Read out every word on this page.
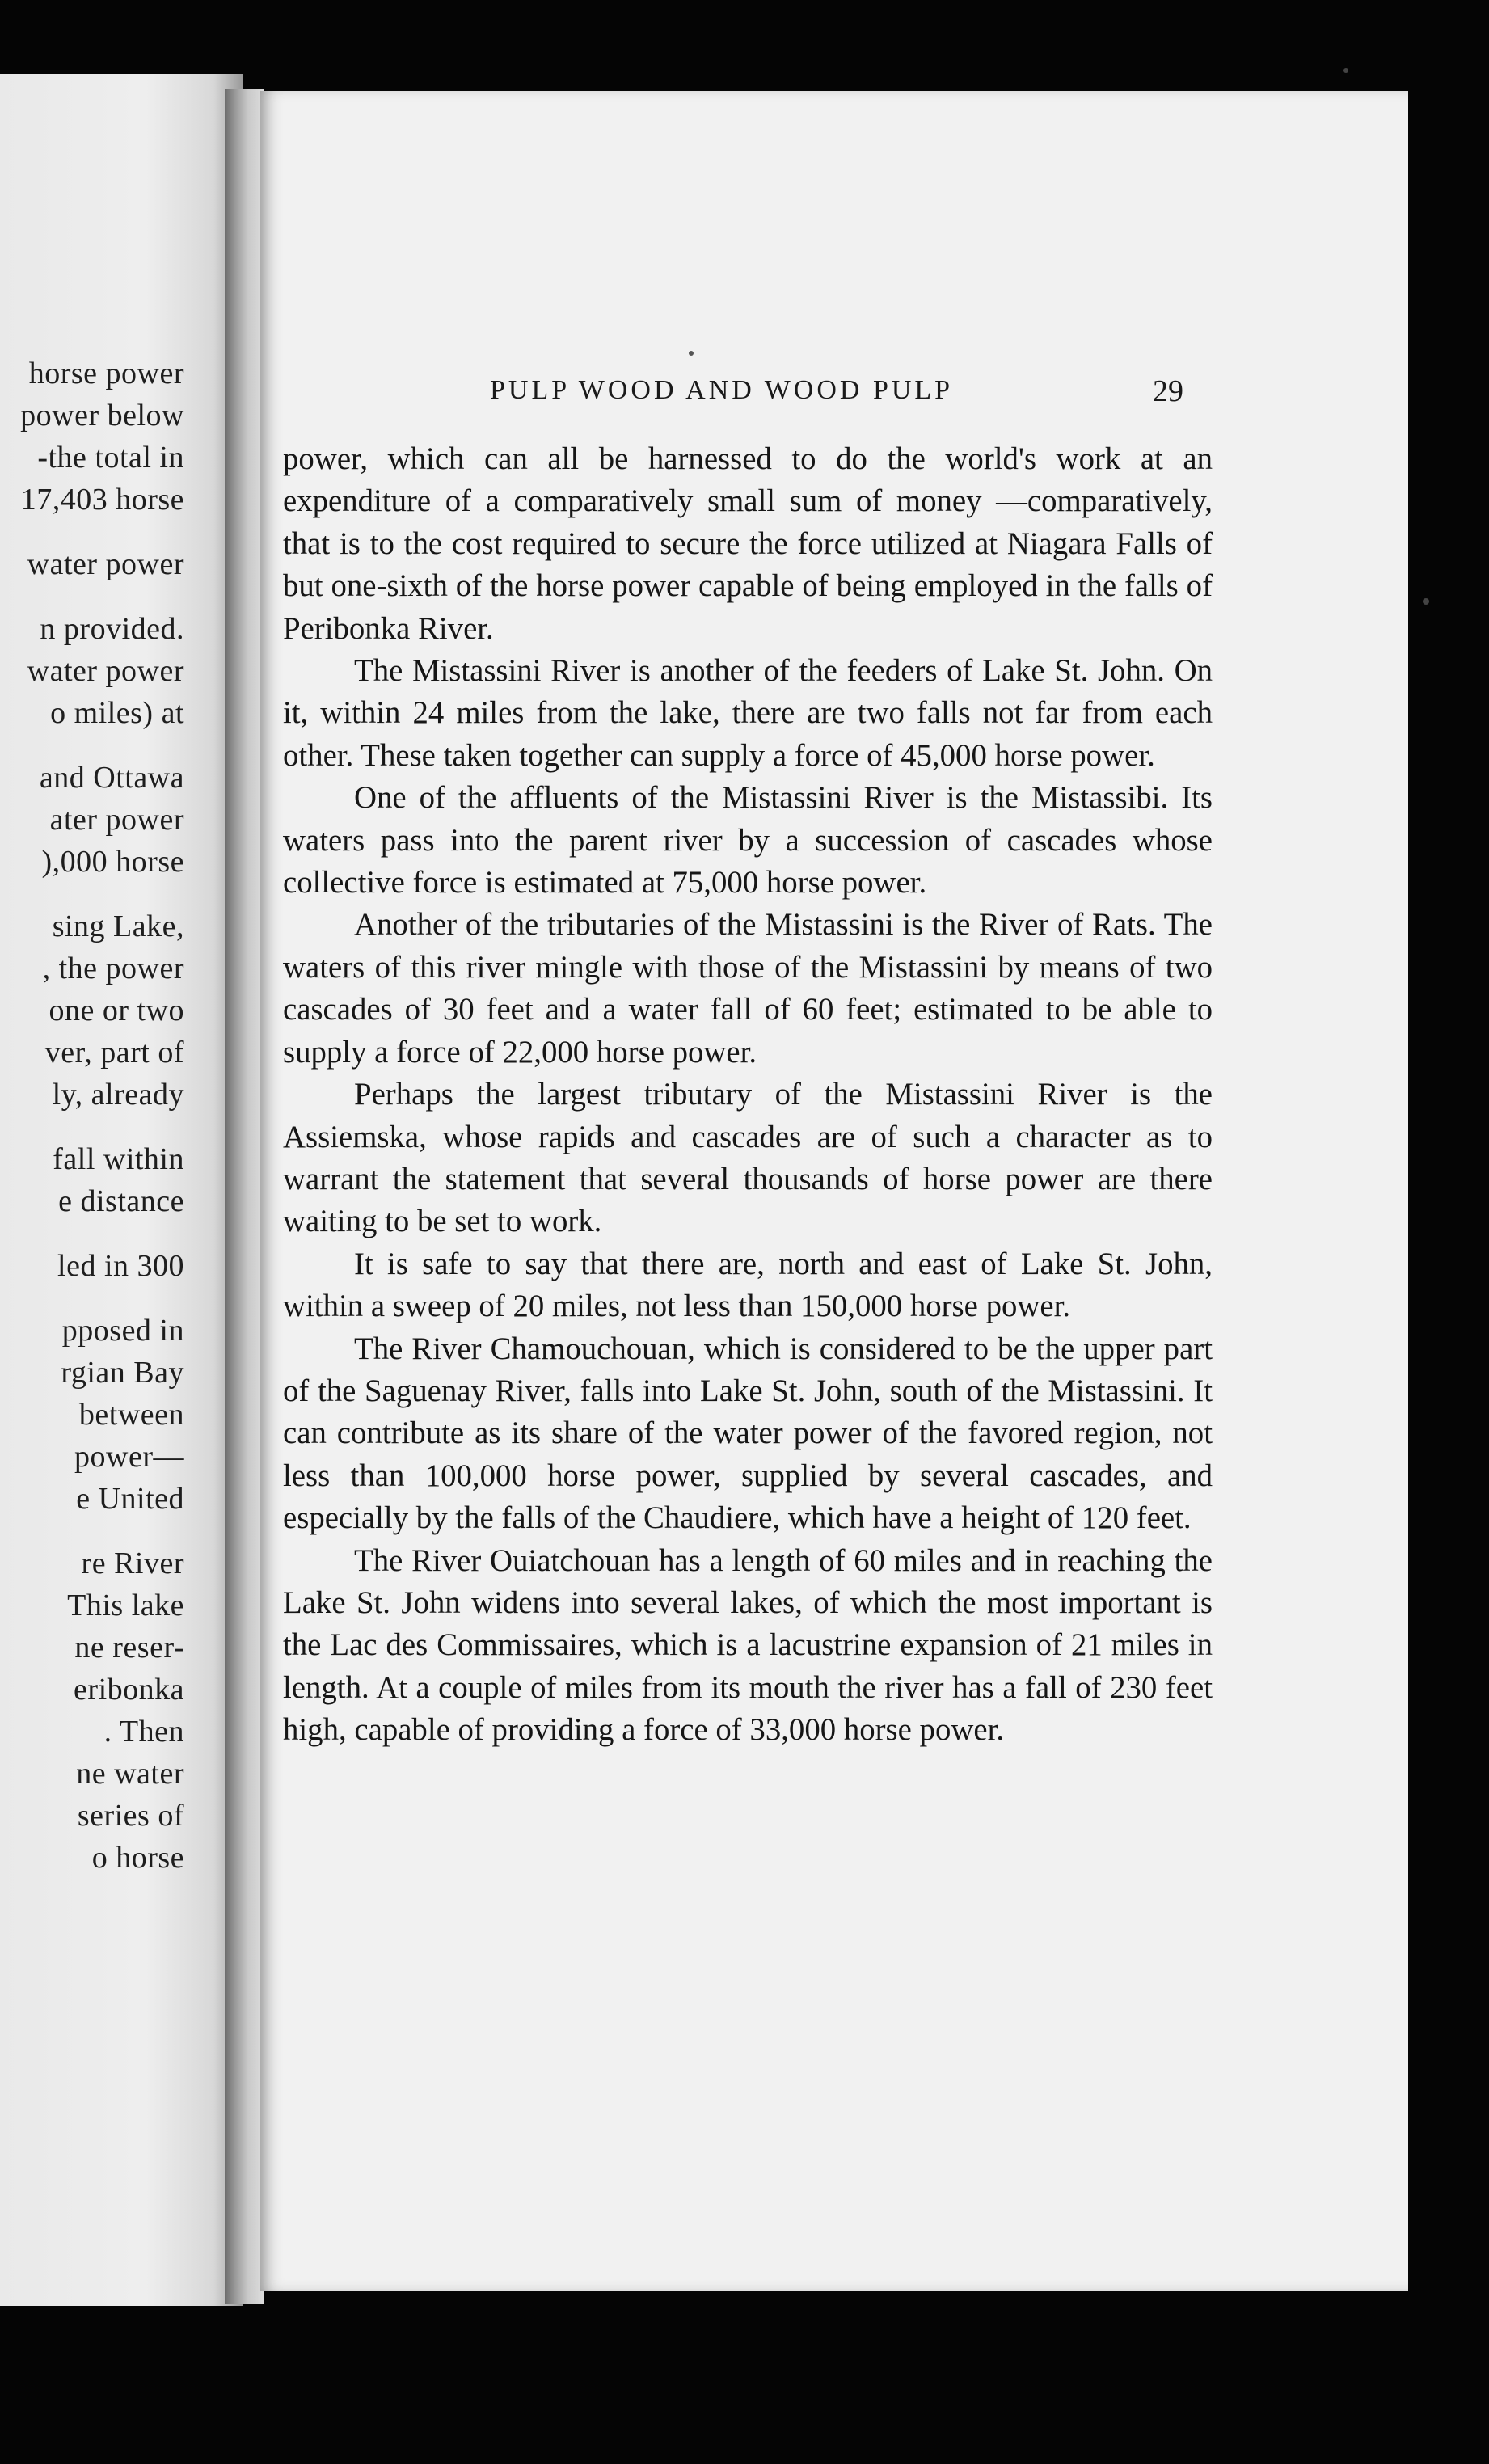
horse power
power below
-the total in
17,403 horse
water power
n provided.
water power
o miles) at
and Ottawa
ater power
),000 horse
sing Lake,
, the power
one or two
ver, part of
ly, already
fall within
e distance
led in 300
pposed in
rgian Bay
between
power—
e United
re River
This lake
ne reser-
eribonka
. Then
ne water
series of
o horse
PULP WOOD AND WOOD PULP	29

power, which can all be harnessed to do the world's work at an expenditure of a comparatively small sum of money —comparatively, that is to the cost required to secure the force utilized at Niagara Falls of but one-sixth of the horse power capable of being employed in the falls of Peribonka River.

The Mistassini River is another of the feeders of Lake St. John. On it, within 24 miles from the lake, there are two falls not far from each other. These taken together can supply a force of 45,000 horse power.

One of the affluents of the Mistassini River is the Mistassibi. Its waters pass into the parent river by a succession of cascades whose collective force is estimated at 75,000 horse power.

Another of the tributaries of the Mistassini is the River of Rats. The waters of this river mingle with those of the Mistassini by means of two cascades of 30 feet and a water fall of 60 feet; estimated to be able to supply a force of 22,000 horse power.

Perhaps the largest tributary of the Mistassini River is the Assiemska, whose rapids and cascades are of such a character as to warrant the statement that several thousands of horse power are there waiting to be set to work.

It is safe to say that there are, north and east of Lake St. John, within a sweep of 20 miles, not less than 150,000 horse power.

The River Chamouchouan, which is considered to be the upper part of the Saguenay River, falls into Lake St. John, south of the Mistassini. It can contribute as its share of the water power of the favored region, not less than 100,000 horse power, supplied by several cascades, and especially by the falls of the Chaudiere, which have a height of 120 feet.

The River Ouiatchouan has a length of 60 miles and in reaching the Lake St. John widens into several lakes, of which the most important is the Lac des Commissaires, which is a lacustrine expansion of 21 miles in length. At a couple of miles from its mouth the river has a fall of 230 feet high, capable of providing a force of 33,000 horse power.
